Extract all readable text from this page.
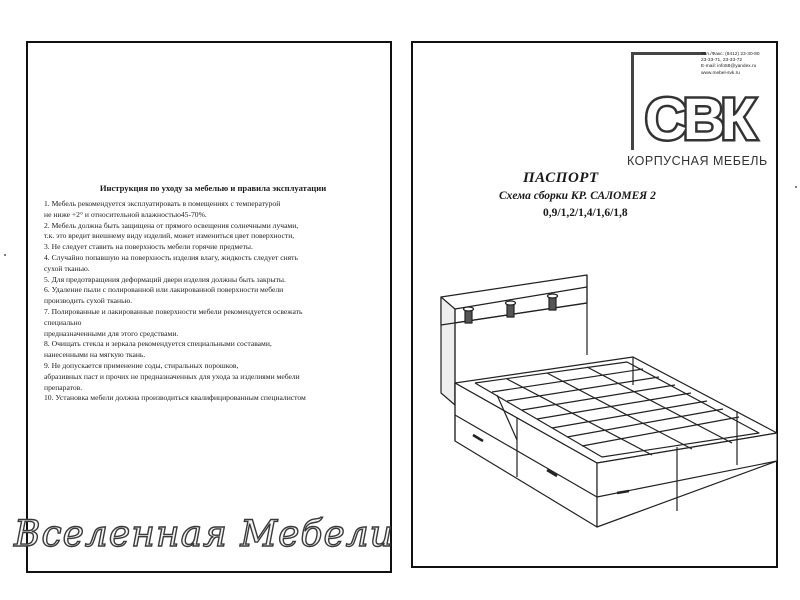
Инструкция по уходу за мебелью и правила эксплуатации
1. Мебель рекомендуется эксплуатировать в помещениях с температурой
не ниже +2° и относительной влажностью45-70%.
2. Мебель должна быть защищена от прямого освещения солнечными лучами,
т.к. это вредит внешнему виду изделий, может измениться цвет поверхности,
3. Не следует ставить на поверхность мебели горячие предметы.
4. Случайно попавшую на поверхность изделия влагу, жидкость следует снять
сухой тканью.
5. Для предотвращения деформаций двери изделия должны быть закрыты.
6. Удаление пыли с полированной или лакированной поверхности мебели
производить сухой тканью.
7. Полированные и лакированные поверхности мебели рекомендуется освежать
специально
предназначенными для этого средствами.
8. Очищать стекла и зеркала рекомендуется специальными составами,
нанесенными на мягкую ткань.
9. Не допускается применение соды, стиральных порошков,
абразивных паст и прочих не предназначенных для ухода за изделиями мебели
препаратов.
10. Установка мебели должна производиться квалифицированным специалистом
Вселенная Мебели
СВК
КОРПУСНАЯ МЕБЕЛЬ
Тел./Факс: (8412) 23-30-80
23-33-71, 23-33-72
E-mail: info58@yandex.ru
www.mebel-svk.ru
ПАСПОРТ
Схема сборки КР. САЛОМЕЯ 2
0,9/1,2/1,4/1,6/1,8
